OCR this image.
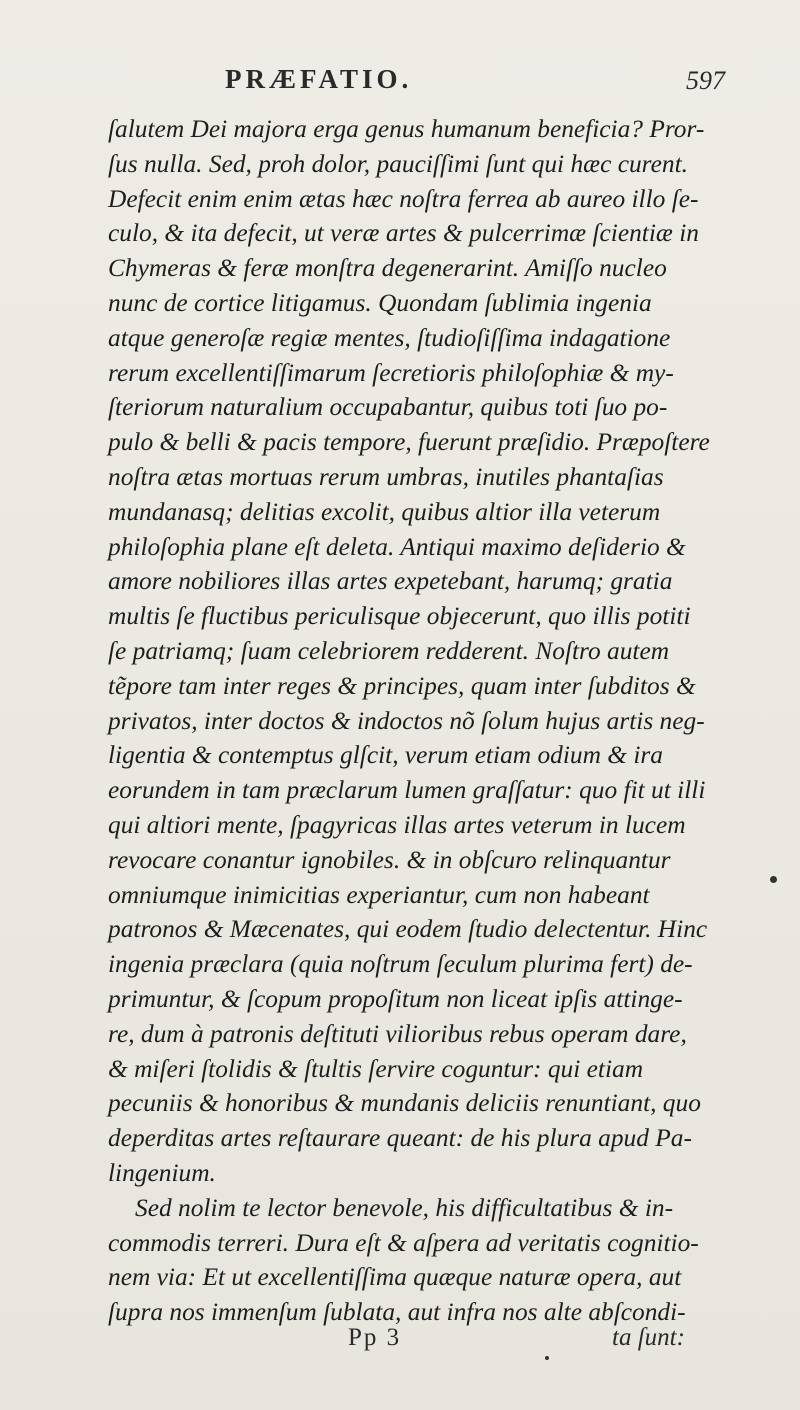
PRÆFATIO.	597
ſalutem Dei majora erga genus humanum beneficia? Pror-
ſus nulla. Sed, proh dolor, pauciſſimi ſunt qui hæc curent.
Defecit enim enim ætas hæc noſtra ferrea ab aureo illo ſe-
culo, & ita defecit, ut veræ artes & pulcerrimæ ſcientiæ in
Chymeras & feræ monſtra degenerarint. Amiſſo nucleo
nunc de cortice litigamus. Quondam ſublimia ingenia
atque generoſæ regiæ mentes, ſtudioſiſſima indagatione
rerum excellentiſſimarum ſecretioris philoſophiæ & my-
ſteriorum naturalium occupabantur, quibus toti ſuo po-
pulo & belli & pacis tempore, fuerunt præſidio. Præpoſtere
noſtra ætas mortuas rerum umbras, inutiles phantaſias
mundanasq; delitias excolit, quibus altior illa veterum
philoſophia plane eſt deleta. Antiqui maximo deſiderio &
amore nobiliores illas artes expetebant, harumq; gratia
multis ſe fluctibus periculisque objecerunt, quo illis potiti
ſe patriamq; ſuam celebriorem redderent. Noſtro autem
tẽpore tam inter reges & principes, quam inter ſubditos &
privatos, inter doctos & indoctos nõ ſolum hujus artis neg-
ligentia & contemptus glſcit, verum etiam odium & ira
eorundem in tam præclarum lumen graſſatur: quo fit ut illi
qui altiori mente, ſpagyricas illas artes veterum in lucem
revocare conantur ignobiles. & in obſcuro relinquantur
omniumque inimicitias experiantur, cum non habeant
patronos & Mæcenates, qui eodem ſtudio delectentur. Hinc
ingenia præclara (quia noſtrum ſeculum plurima fert) de-
primuntur, & ſcopum propoſitum non liceat ipſis attinge-
re, dum à patronis deſtituti vilioribus rebus operam dare,
& miſeri ſtolidis & ſtultis ſervire coguntur: qui etiam
pecuniis & honoribus & mundanis deliciis renuntiant, quo
deperditas artes reſtaurare queant: de his plura apud Pa-
lingenium.
Sed nolim te lector benevole, his difficultatibus & in-
commodis terreri. Dura eſt & aſpera ad veritatis cognitio-
nem via: Et ut excellentiſſima quæque naturæ opera, aut
ſupra nos immenſum ſublata, aut infra nos alte abſcondi-
Pp 3	ta ſunt:
